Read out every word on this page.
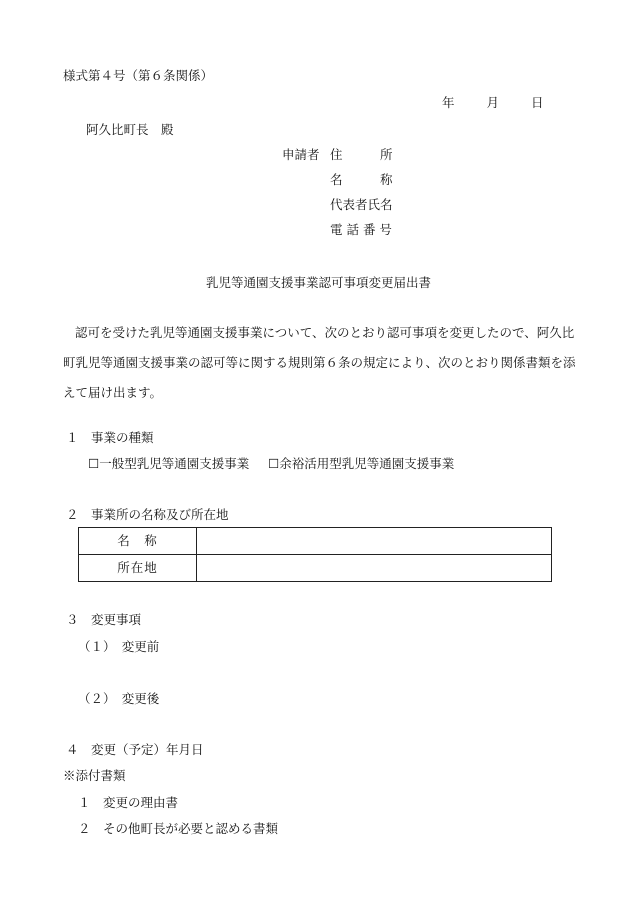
様式第４号（第６条関係）
年	月	日
阿久比町長　殿
申請者 住　　　所
名　　　称
代表者氏名
電 話 番 号
乳児等通園支援事業認可事項変更届出書
認可を受けた乳児等通園支援事業について、次のとおり認可事項を変更したので、阿久比
町乳児等通園支援事業の認可等に関する規則第６条の規定により、次のとおり関係書類を添
えて届け出ます。
１　事業の種類
☐一般型乳児等通園支援事業 ☐余裕活用型乳児等通園支援事業
２　事業所の名称及び所在地
名　称	
所在地	
３　変更事項
（１）　変更前
（２）　変更後
４　変更（予定）年月日
※添付書類
１　変更の理由書
２　その他町長が必要と認める書類
